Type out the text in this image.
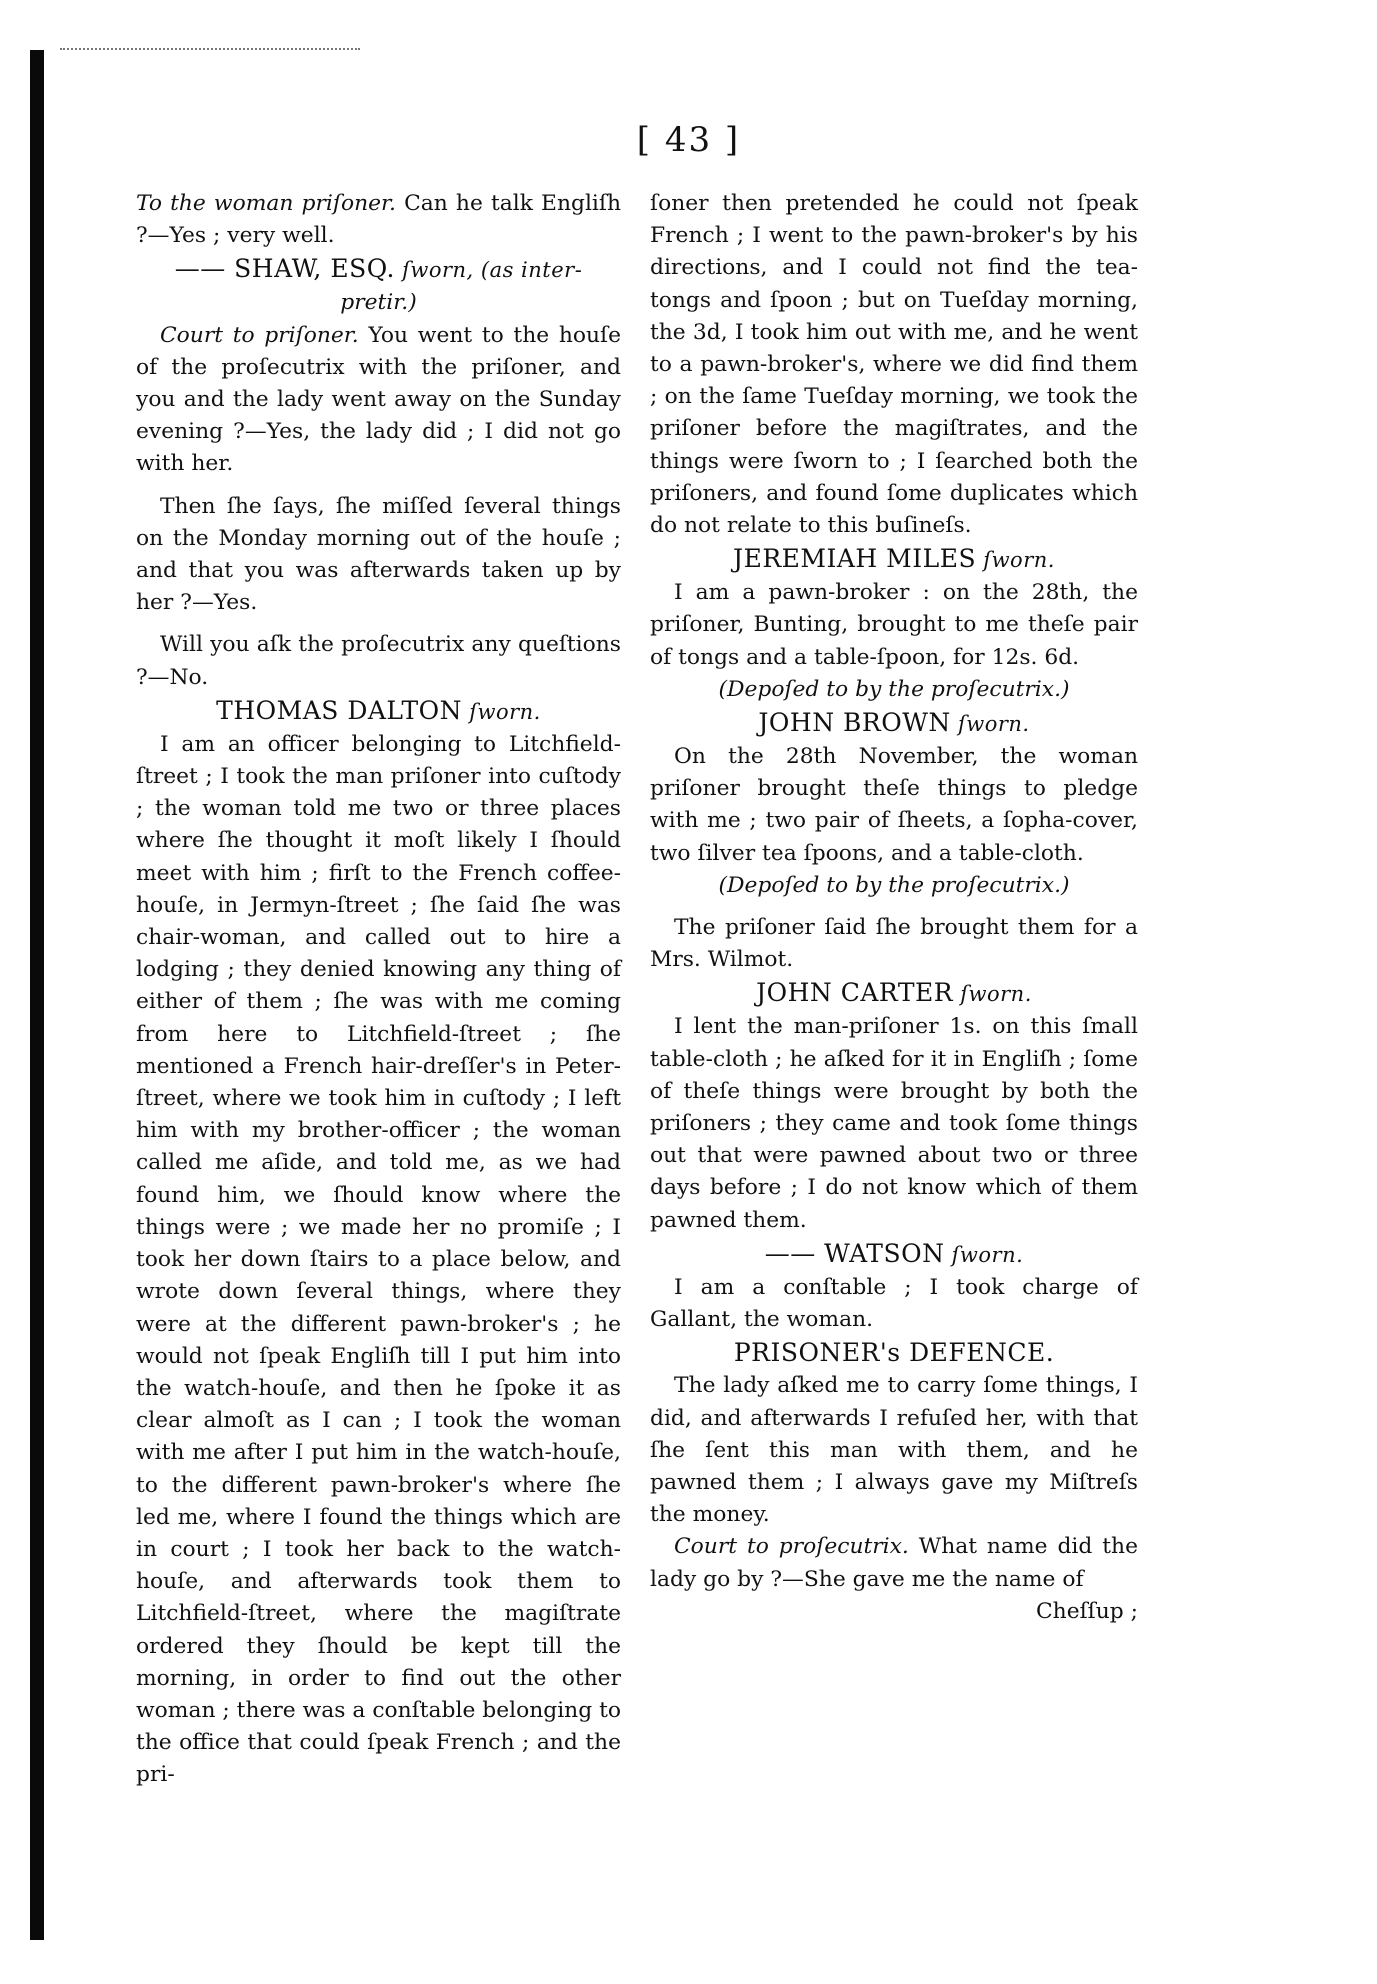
[ 43 ]

To the woman priſoner. Can he talk Engliſh ?—Yes ; very well.

—— SHAW, ESQ. ſworn, (as inter-

pretir.)

Court to priſoner. You went to the houſe of the proſecutrix with the priſoner, and you and the lady went away on the Sunday evening ?—Yes, the lady did ; I did not go with her.

Then ſhe ſays, ſhe miſſed ſeveral things on the Monday morning out of the houſe ; and that you was afterwards taken up by her ?—Yes.

Will you aſk the proſecutrix any queſtions ?—No.

THOMAS DALTON ſworn.

I am an officer belonging to Litchfield-ſtreet ; I took the man priſoner into cuſtody ; the woman told me two or three places where ſhe thought it moſt likely I ſhould meet with him ; firſt to the French coffee-houſe, in Jermyn-ſtreet ; ſhe ſaid ſhe was chair-woman, and called out to hire a lodging ; they denied knowing any thing of either of them ; ſhe was with me coming from here to Litchfield-ſtreet ; ſhe mentioned a French hair-dreſſer's in Peter-ſtreet, where we took him in cuſtody ; I left him with my brother-officer ; the woman called me aſide, and told me, as we had found him, we ſhould know where the things were ; we made her no promiſe ; I took her down ſtairs to a place below, and wrote down ſeveral things, where they were at the different pawn-broker's ; he would not ſpeak Engliſh till I put him into the watch-houſe, and then he ſpoke it as clear almoſt as I can ; I took the woman with me after I put him in the watch-houſe, to the different pawn-broker's where ſhe led me, where I found the things which are in court ; I took her back to the watch-houſe, and afterwards took them to Litchfield-ſtreet, where the magiſtrate ordered they ſhould be kept till the morning, in order to find out the other woman ; there was a conſtable belonging to the office that could ſpeak French ; and the pri-

ſoner then pretended he could not ſpeak French ; I went to the pawn-broker's by his directions, and I could not find the tea-tongs and ſpoon ; but on Tueſday morning, the 3d, I took him out with me, and he went to a pawn-broker's, where we did find them ; on the ſame Tueſday morning, we took the priſoner before the magiſtrates, and the things were ſworn to ; I ſearched both the priſoners, and found ſome duplicates which do not relate to this buſineſs.

JEREMIAH MILES ſworn.

I am a pawn-broker : on the 28th, the priſoner, Bunting, brought to me theſe pair of tongs and a table-ſpoon, for 12s. 6d.

(Depoſed to by the proſecutrix.)

JOHN BROWN ſworn.

On the 28th November, the woman priſoner brought theſe things to pledge with me ; two pair of ſheets, a ſopha-cover, two ſilver tea ſpoons, and a table-cloth.

(Depoſed to by the proſecutrix.)

The priſoner ſaid ſhe brought them for a Mrs. Wilmot.

JOHN CARTER ſworn.

I lent the man-priſoner 1s. on this ſmall table-cloth ; he aſked for it in Engliſh ; ſome of theſe things were brought by both the priſoners ; they came and took ſome things out that were pawned about two or three days before ; I do not know which of them pawned them.

—— WATSON ſworn.

I am a conſtable ; I took charge of Gallant, the woman.

PRISONER's DEFENCE.

The lady aſked me to carry ſome things, I did, and afterwards I refuſed her, with that ſhe ſent this man with them, and he pawned them ; I always gave my Miſtreſs the money.

Court to proſecutrix. What name did the lady go by ?—She gave me the name of

Cheſſup ;
